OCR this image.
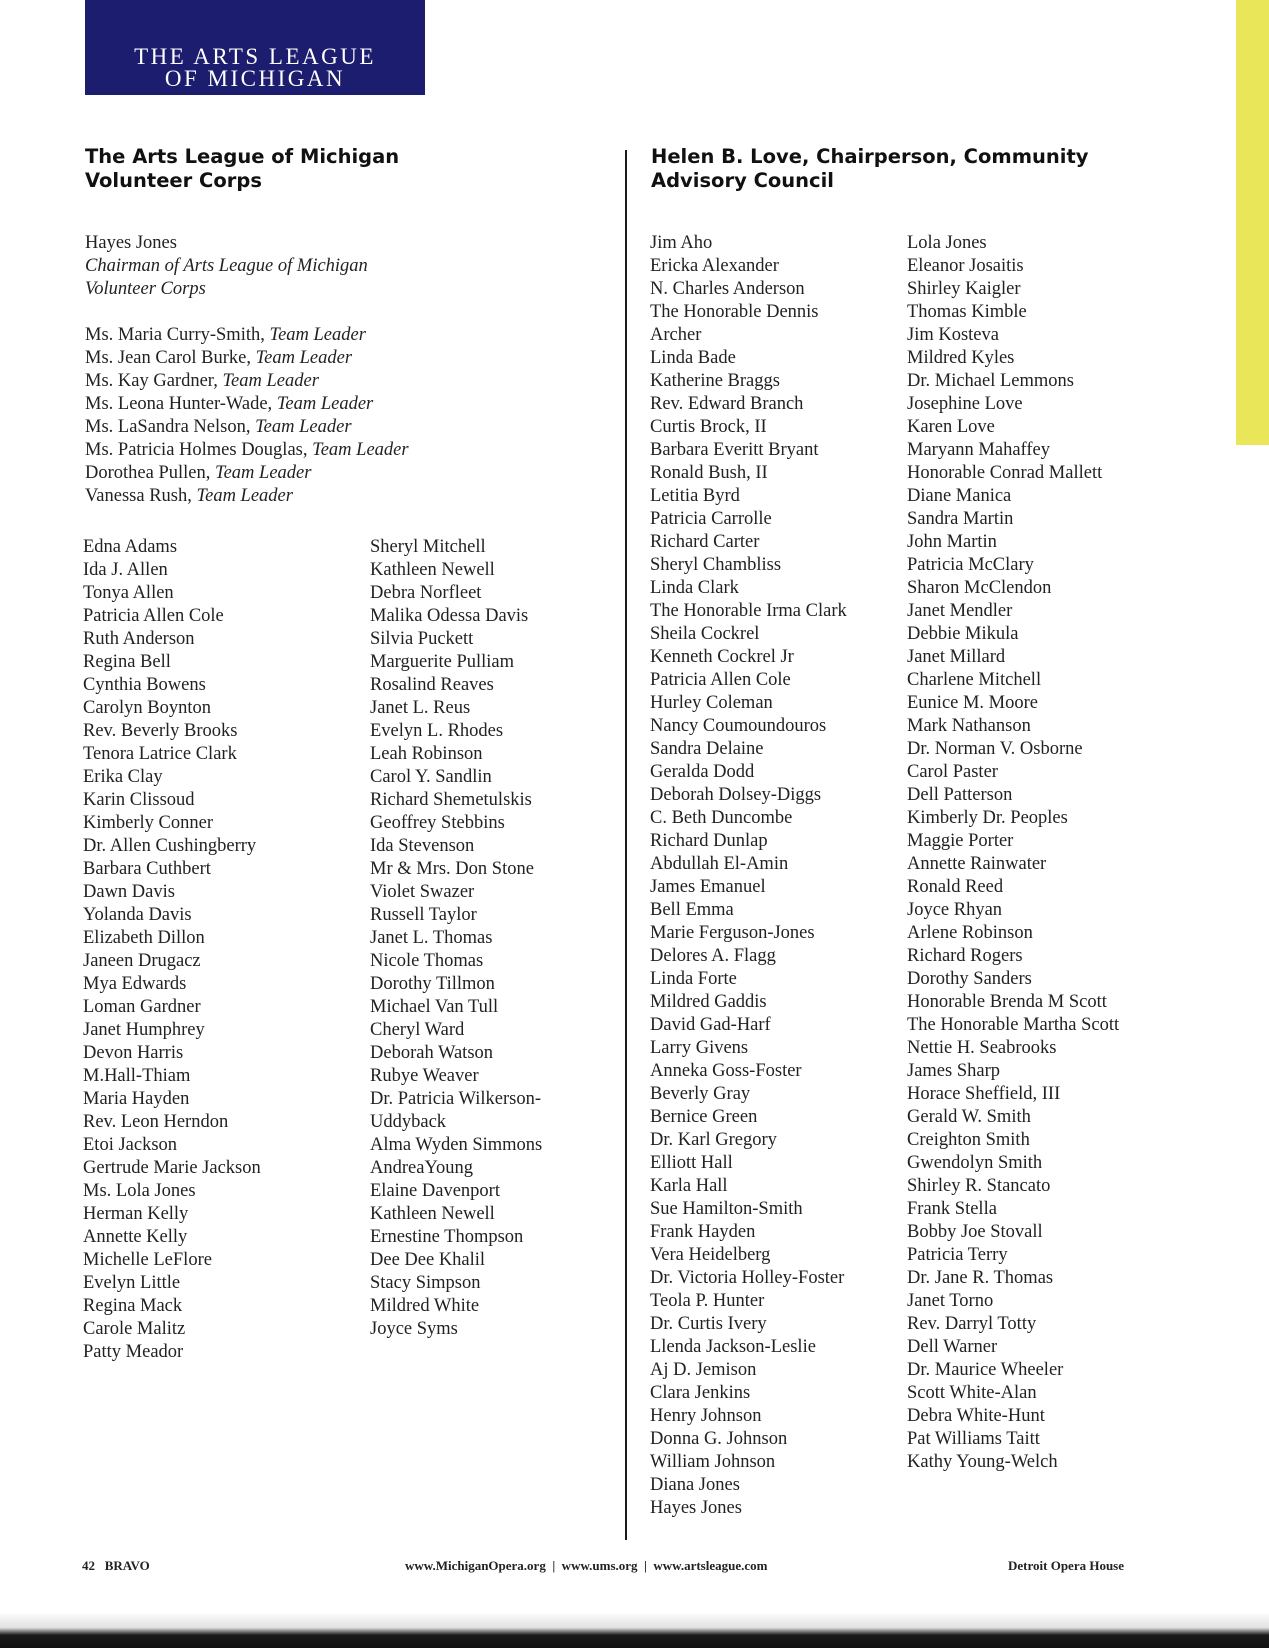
THE ARTS LEAGUE
OF MICHIGAN
The Arts League of Michigan
Volunteer Corps
Hayes Jones
Chairman of Arts League of Michigan
Volunteer Corps
Ms. Maria Curry-Smith, Team Leader
Ms. Jean Carol Burke, Team Leader
Ms. Kay Gardner, Team Leader
Ms. Leona Hunter-Wade, Team Leader
Ms. LaSandra Nelson, Team Leader
Ms. Patricia Holmes Douglas, Team Leader
Dorothea Pullen, Team Leader
Vanessa Rush, Team Leader
Edna Adams
Ida J. Allen
Tonya Allen
Patricia Allen Cole
Ruth Anderson
Regina Bell
Cynthia Bowens
Carolyn Boynton
Rev. Beverly Brooks
Tenora Latrice Clark
Erika Clay
Karin Clissoud
Kimberly Conner
Dr. Allen Cushingberry
Barbara Cuthbert
Dawn Davis
Yolanda Davis
Elizabeth Dillon
Janeen Drugacz
Mya Edwards
Loman Gardner
Janet Humphrey
Devon Harris
M.Hall-Thiam
Maria Hayden
Rev. Leon Herndon
Etoi Jackson
Gertrude Marie Jackson
Ms. Lola Jones
Herman Kelly
Annette Kelly
Michelle LeFlore
Evelyn Little
Regina Mack
Carole Malitz
Patty Meador
Sheryl Mitchell
Kathleen Newell
Debra Norfleet
Malika Odessa Davis
Silvia Puckett
Marguerite Pulliam
Rosalind Reaves
Janet L. Reus
Evelyn L. Rhodes
Leah Robinson
Carol Y. Sandlin
Richard Shemetulskis
Geoffrey Stebbins
Ida Stevenson
Mr & Mrs. Don Stone
Violet Swazer
Russell Taylor
Janet L. Thomas
Nicole Thomas
Dorothy Tillmon
Michael Van Tull
Cheryl Ward
Deborah Watson
Rubye Weaver
Dr. Patricia Wilkerson-
Uddyback
Alma Wyden Simmons
AndreaYoung
Elaine Davenport
Kathleen Newell
Ernestine Thompson
Dee Dee Khalil
Stacy Simpson
Mildred White
Joyce Syms
Helen B. Love, Chairperson, Community
Advisory Council
Jim Aho
Ericka Alexander
N. Charles Anderson
The Honorable Dennis
Archer
Linda Bade
Katherine Braggs
Rev. Edward Branch
Curtis Brock, II
Barbara Everitt Bryant
Ronald Bush, II
Letitia Byrd
Patricia Carrolle
Richard Carter
Sheryl Chambliss
Linda Clark
The Honorable Irma Clark
Sheila Cockrel
Kenneth Cockrel Jr
Patricia Allen Cole
Hurley Coleman
Nancy Coumoundouros
Sandra Delaine
Geralda Dodd
Deborah Dolsey-Diggs
C. Beth Duncombe
Richard Dunlap
Abdullah El-Amin
James Emanuel
Bell Emma
Marie Ferguson-Jones
Delores A. Flagg
Linda Forte
Mildred Gaddis
David Gad-Harf
Larry Givens
Anneka Goss-Foster
Beverly Gray
Bernice Green
Dr. Karl Gregory
Elliott Hall
Karla Hall
Sue Hamilton-Smith
Frank Hayden
Vera Heidelberg
Dr. Victoria Holley-Foster
Teola P. Hunter
Dr. Curtis Ivery
Llenda Jackson-Leslie
Aj D. Jemison
Clara Jenkins
Henry Johnson
Donna G. Johnson
William Johnson
Diana Jones
Hayes Jones
Lola Jones
Eleanor Josaitis
Shirley Kaigler
Thomas Kimble
Jim Kosteva
Mildred Kyles
Dr. Michael Lemmons
Josephine Love
Karen Love
Maryann Mahaffey
Honorable Conrad Mallett
Diane Manica
Sandra Martin
John Martin
Patricia McClary
Sharon McClendon
Janet Mendler
Debbie Mikula
Janet Millard
Charlene Mitchell
Eunice M. Moore
Mark Nathanson
Dr. Norman V. Osborne
Carol Paster
Dell Patterson
Kimberly Dr. Peoples
Maggie Porter
Annette Rainwater
Ronald Reed
Joyce Rhyan
Arlene Robinson
Richard Rogers
Dorothy Sanders
Honorable Brenda M Scott
The Honorable Martha Scott
Nettie H. Seabrooks
James Sharp
Horace Sheffield, III
Gerald W. Smith
Creighton Smith
Gwendolyn Smith
Shirley R. Stancato
Frank Stella
Bobby Joe Stovall
Patricia Terry
Dr. Jane R. Thomas
Janet Torno
Rev. Darryl Totty
Dell Warner
Dr. Maurice Wheeler
Scott White-Alan
Debra White-Hunt
Pat Williams Taitt
Kathy Young-Welch
42 BRAVO	www.MichiganOpera.org  |  www.ums.org  |  www.artsleague.com	Detroit Opera House
